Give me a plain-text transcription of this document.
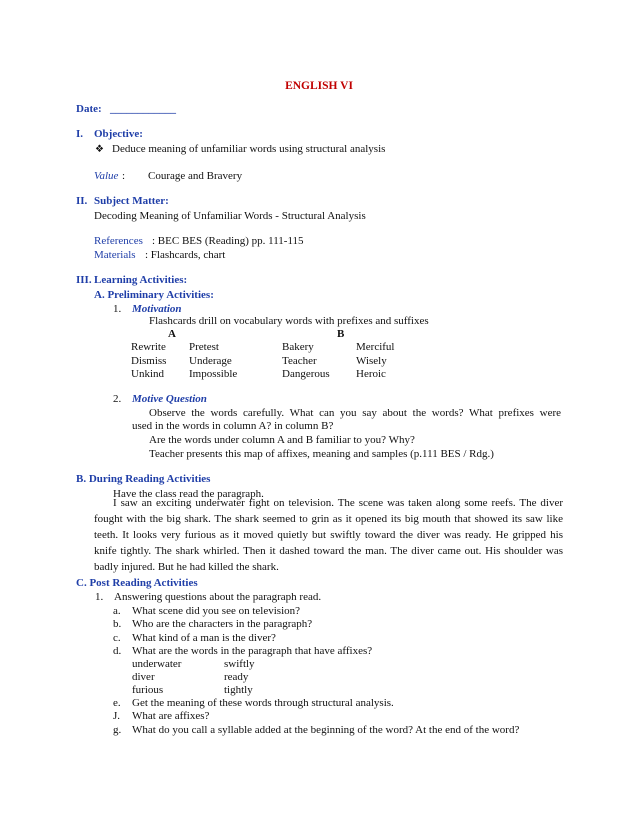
ENGLISH VI
Date: ____________
I. Objective:
❖ Deduce meaning of unfamiliar words using structural analysis
Value : Courage and Bravery
II. Subject Matter:
Decoding Meaning of Unfamiliar Words - Structural Analysis
References : BEC BES (Reading) pp. 111-115
Materials : Flashcards, chart
III. Learning Activities:
A. Preliminary Activities:
1. Motivation
Flashcards drill on vocabulary words with prefixes and suffixes
A	B
Rewrite Pretest	Bakery	Merciful
Dismiss Underage	Teacher	Wisely
Unkind Impossible	Dangerous Heroic
2. Motive Question
Observe the words carefully. What can you say about the words? What prefixes were
used in the words in column A? in column B?
Are the words under column A and B familiar to you? Why?
Teacher presents this map of affixes, meaning and samples (p.111 BES / Rdg.)
B. During Reading Activities
Have the class read the paragraph.
I saw an exciting underwater fight on television. The scene was taken along some reefs. The diver fought with the big shark. The shark seemed to grin as it opened its big mouth that showed its saw like teeth. It looks very furious as it moved quietly but swiftly toward the diver was ready. He gripped his knife tightly. The shark whirled. Then it dashed toward the man. The diver came out. His shoulder was badly injured. But he had killed the shark.
C. Post Reading Activities
1. Answering questions about the paragraph read.
a. What scene did you see on television?
b. Who are the characters in the paragraph?
c. What kind of a man is the diver?
d. What are the words in the paragraph that have affixes?
underwater	swiftly
diver	ready
furious	tightly
e. Get the meaning of these words through structural analysis.
J. What are affixes?
g. What do you call a syllable added at the beginning of the word? At the end of the word?
